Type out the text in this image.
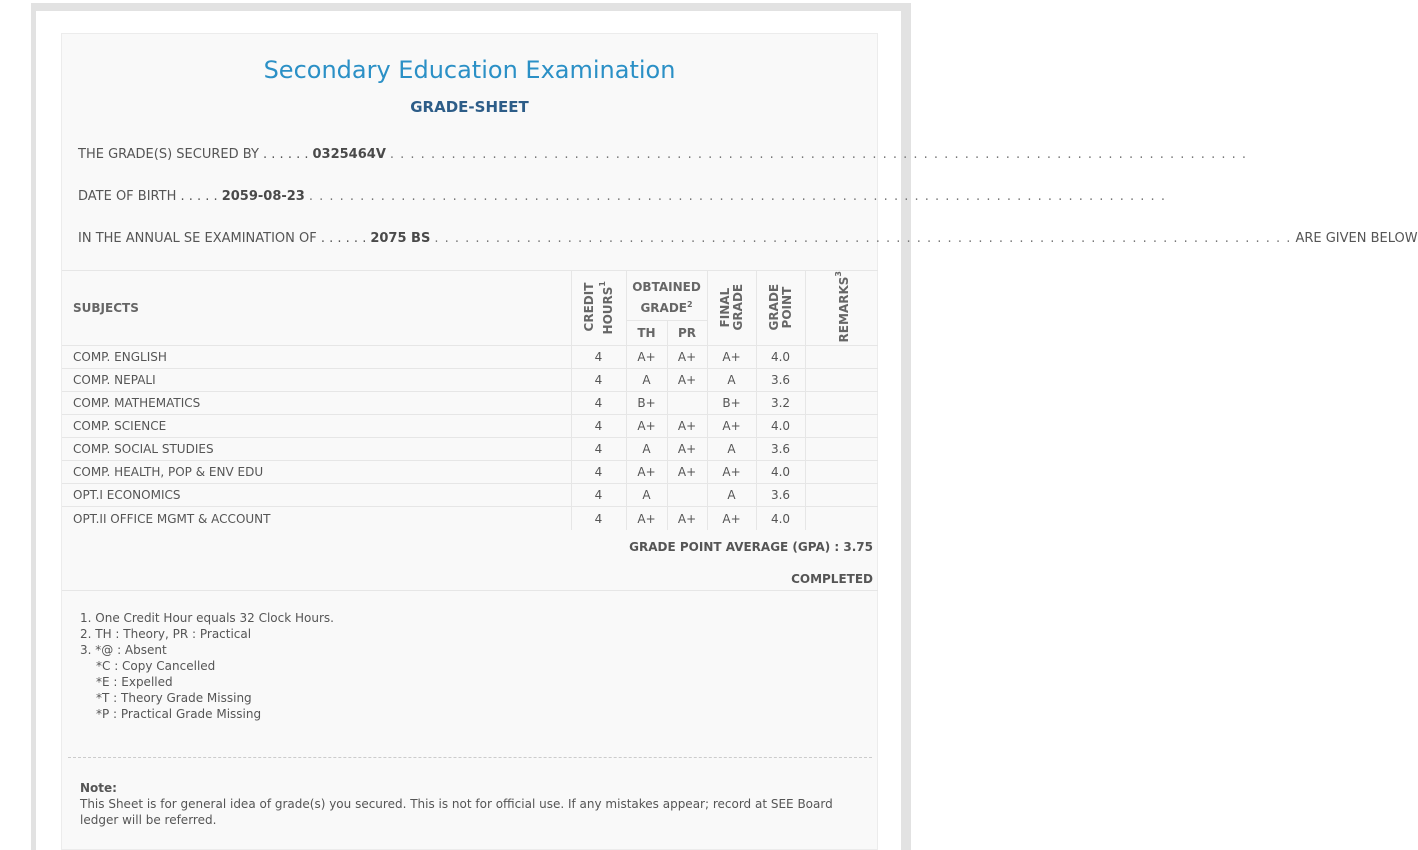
Secondary Education Examination
GRADE-SHEET
THE GRADE(S) SECURED BY
. . . . . . 0325464V . . . . . . . . . . . . . . . . . . . . . . . . . . . . . . . . . . . . . . . . . . . . . . . . . . . . . . . . . . . . . . . . . . . . . . . . . . . . . . . . . . . .
DATE OF BIRTH
. . . . . 2059-08-23 . . . . . . . . . . . . . . . . . . . . . . . . . . . . . . . . . . . . . . . . . . . . . . . . . . . . . . . . . . . . . . . . . . . . . . . . . . . . . . . . . . . .
IN THE ANNUAL SE EXAMINATION OF
. . . . . . 2075 BS . . . . . . . . . . . . . . . . . . . . . . . . . . . . . . . . . . . . . . . . . . . . . . . . . . . . . . . . . . . . . . . . . . . . . . . . . . . . . . . . . . . . ARE GIVEN BELOW
SUBJECTS	CREDIT HOURS$^1$	OBTAINED GRADE$^2$		FINAL GRADE	GRADE POINT	REMARKS$^3$
		TH	PR			
COMP. ENGLISH	4	A+	A+	A+	4.0	
COMP. NEPALI	4	A	A+	A	3.6	
COMP. MATHEMATICS	4	B+		B+	3.2	
COMP. SCIENCE	4	A+	A+	A+	4.0	
COMP. SOCIAL STUDIES	4	A	A+	A	3.6	
COMP. HEALTH, POP & ENV EDU	4	A+	A+	A+	4.0	
OPT.I ECONOMICS	4	A		A	3.6	
OPT.II OFFICE MGMT & ACCOUNT	4	A+	A+	A+	4.0	
GRADE POINT AVERAGE (GPA) : 3.75
COMPLETED
1. One Credit Hour equals 32 Clock Hours.
2. TH : Theory, PR : Practical
3. *@ : Absent
*C : Copy Cancelled
*E : Expelled
*T : Theory Grade Missing
*P : Practical Grade Missing
Note:
This Sheet is for general idea of grade(s) you secured. This is not for official use. If any mistakes appear; record at SEE Board ledger will be referred.
